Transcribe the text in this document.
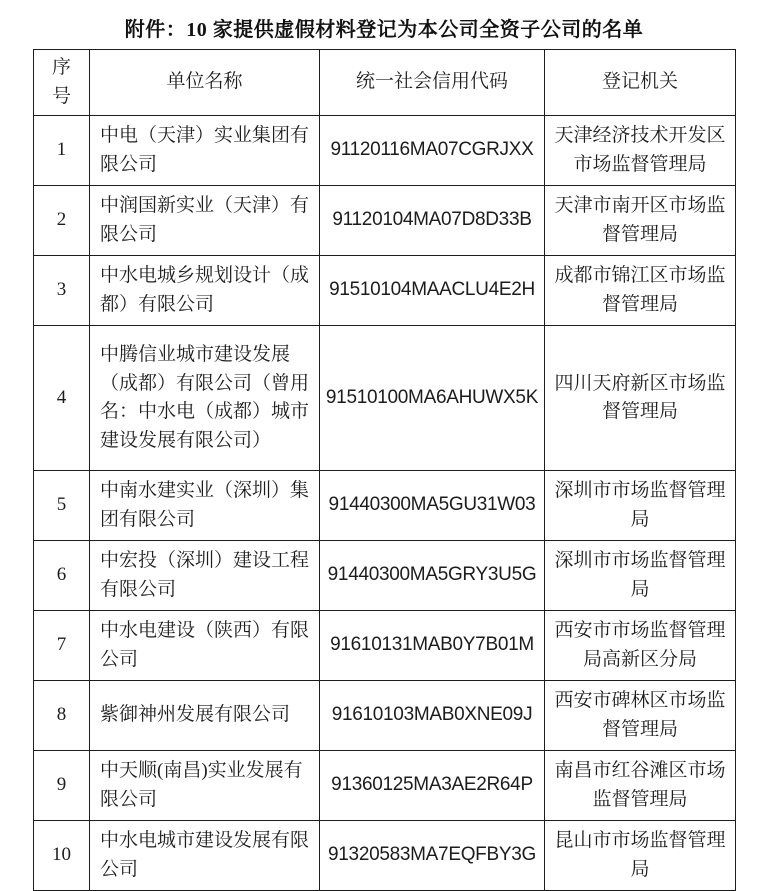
附件：10 家提供虚假材料登记为本公司全资子公司的名单
序号	单位名称	统一社会信用代码	登记机关
1	中电（天津）实业集团有限公司	91120116MA07CGRJXX	天津经济技术开发区市场监督管理局
2	中润国新实业（天津）有限公司	91120104MA07D8D33B	天津市南开区市场监督管理局
3	中水电城乡规划设计（成都）有限公司	91510104MAACLU4E2H	成都市锦江区市场监督管理局
4	中腾信业城市建设发展（成都）有限公司（曾用名：中水电（成都）城市建设发展有限公司）	91510100MA6AHUWX5K	四川天府新区市场监督管理局
5	中南水建实业（深圳）集团有限公司	91440300MA5GU31W03	深圳市市场监督管理局
6	中宏投（深圳）建设工程有限公司	91440300MA5GRY3U5G	深圳市市场监督管理局
7	中水电建设（陕西）有限公司	91610131MAB0Y7B01M	西安市市场监督管理局高新区分局
8	紫御神州发展有限公司	91610103MAB0XNE09J	西安市碑林区市场监督管理局
9	中天顺(南昌)实业发展有限公司	91360125MA3AE2R64P	南昌市红谷滩区市场监督管理局
10	中水电城市建设发展有限公司	91320583MA7EQFBY3G	昆山市市场监督管理局
